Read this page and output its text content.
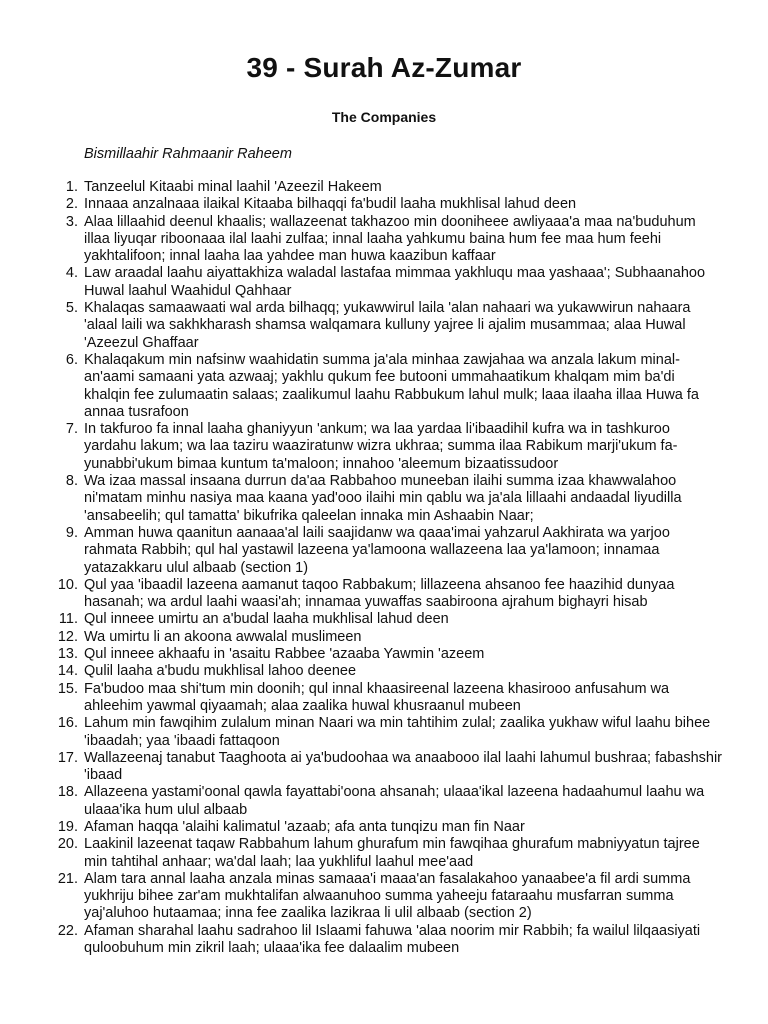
39 - Surah Az-Zumar
The Companies
Bismillaahir Rahmaanir Raheem
1. Tanzeelul Kitaabi minal laahil 'Azeezil Hakeem
2. Innaaa anzalnaaa ilaikal Kitaaba bilhaqqi fa'budil laaha mukhlisal lahud deen
3. Alaa lillaahid deenul khaalis; wallazeenat takhazoo min dooniheee awliyaaa'a maa na'buduhum illaa liyuqar riboonaaa ilal laahi zulfaa; innal laaha yahkumu baina hum fee maa hum feehi yakhtalifoon; innal laaha laa yahdee man huwa kaazibun kaffaar
4. Law araadal laahu aiyattakhiza waladal lastafaa mimmaa yakhluqu maa yashaaa'; Subhaanahoo Huwal laahul Waahidul Qahhaar
5. Khalaqas samaawaati wal arda bilhaqq; yukawwirul laila 'alan nahaari wa yukawwirun nahaara 'alaal laili wa sakhkharash shamsa walqamara kulluny yajree li ajalim musammaa; alaa Huwal 'Azeezul Ghaffaar
6. Khalaqakum min nafsinw waahidatin summa ja'ala minhaa zawjahaa wa anzala lakum minal-an'aami samaani yata azwaaj; yakhlu qukum fee butooni ummahaatikum khalqam mim ba'di khalqin fee zulumaatin salaas; zaalikumul laahu Rabbukum lahul mulk; laaa ilaaha illaa Huwa fa annaa tusrafoon
7. In takfuroo fa innal laaha ghaniyyun 'ankum; wa laa yardaa li'ibaadihil kufra wa in tashkuroo yardahu lakum; wa laa taziru waaziratunw wizra ukhraa; summa ilaa Rabikum marji'ukum fa-yunabbi'ukum bimaa kuntum ta'maloon; innahoo 'aleemum bizaatissudoor
8. Wa izaa massal insaana durrun da'aa Rabbahoo muneeban ilaihi summa izaa khawwalahoo ni'matam minhu nasiya maa kaana yad'ooo ilaihi min qablu wa ja'ala lillaahi andaadal liyudilla 'ansabeelih; qul tamatta' bikufrika qaleelan innaka min Ashaabin Naar;
9. Amman huwa qaanitun aanaaa'al laili saajidanw wa qaaa'imai yahzarul Aakhirata wa yarjoo rahmata Rabbih; qul hal yastawil lazeena ya'lamoona wallazeena laa ya'lamoon; innamaa yatazakkaru ulul albaab (section 1)
10. Qul yaa 'ibaadil lazeena aamanut taqoo Rabbakum; lillazeena ahsanoo fee haazihid dunyaa hasanah; wa ardul laahi waasi'ah; innamaa yuwaffas saabiroona ajrahum bighayri hisab
11. Qul inneee umirtu an a'budal laaha mukhlisal lahud deen
12. Wa umirtu li an akoona awwalal muslimeen
13. Qul inneee akhaafu in 'asaitu Rabbee 'azaaba Yawmin 'azeem
14. Qulil laaha a'budu mukhlisal lahoo deenee
15. Fa'budoo maa shi'tum min doonih; qul innal khaasireenal lazeena khasirooo anfusahum wa ahleehim yawmal qiyaamah; alaa zaalika huwal khusraanul mubeen
16. Lahum min fawqihim zulalum minan Naari wa min tahtihim zulal; zaalika yukhaw wiful laahu bihee 'ibaadah; yaa 'ibaadi fattaqoon
17. Wallazeenaj tanabut Taaghoota ai ya'budoohaa wa anaabooo ilal laahi lahumul bushraa; fabashshir 'ibaad
18. Allazeena yastami'oonal qawla fayattabi'oona ahsanah; ulaaa'ikal lazeena hadaahumul laahu wa ulaaa'ika hum ulul albaab
19. Afaman haqqa 'alaihi kalimatul 'azaab; afa anta tunqizu man fin Naar
20. Laakinil lazeenat taqaw Rabbahum lahum ghurafum min fawqihaa ghurafum mabniyyatun tajree min tahtihal anhaar; wa'dal laah; laa yukhliful laahul mee'aad
21. Alam tara annal laaha anzala minas samaaa'i maaa'an fasalakahoo yanaabee'a fil ardi summa yukhriju bihee zar'am mukhtalifan alwaanuhoo summa yaheeju fataraahu musfarran summa yaj'aluhoo hutaamaa; inna fee zaalika lazikraa li ulil albaab (section 2)
22. Afaman sharahal laahu sadrahoo lil Islaami fahuwa 'alaa noorim mir Rabbih; fa wailul lilqaasiyati quloobuhum min zikril laah; ulaaa'ika fee dalaalim mubeen
